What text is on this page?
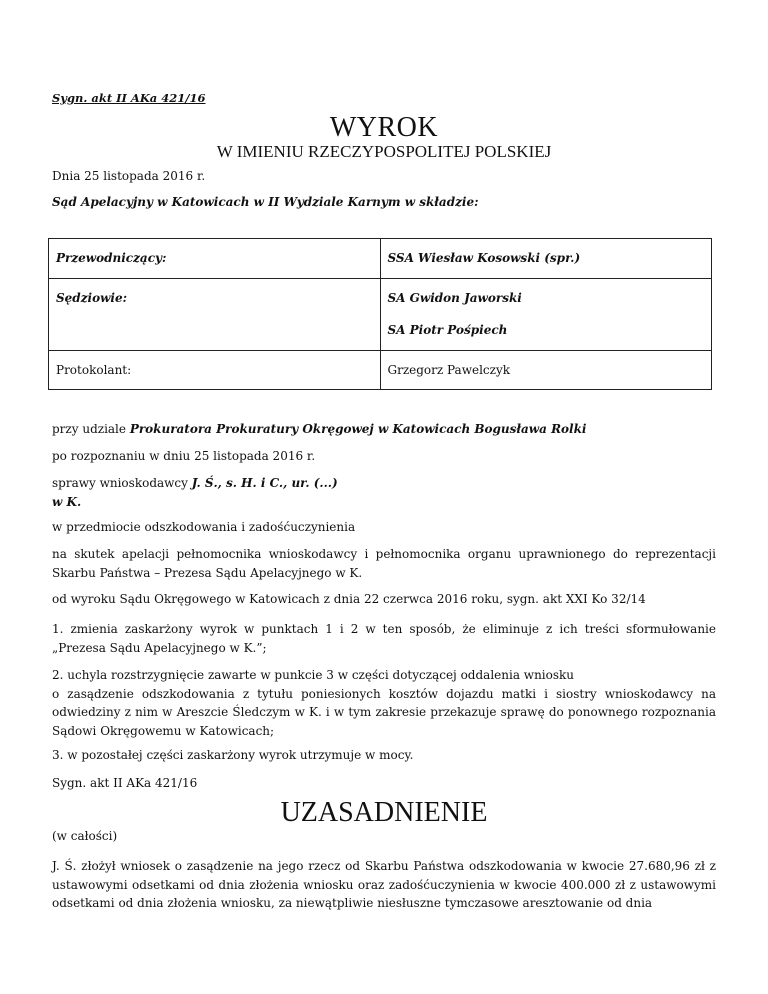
Sygn. akt II AKa 421/16
WYROK
W IMIENIU RZECZYPOSPOLITEJ POLSKIEJ
Dnia 25 listopada 2016 r.
Sąd Apelacyjny w Katowicach w II Wydziale Karnym w składzie:
Przewodniczący:	SSA Wiesław Kosowski (spr.)
Sędziowie:	SA Gwidon Jaworski
SA Piotr Pośpiech

Protokolant:	Grzegorz Pawelczyk
przy udziale Prokuratora Prokuratury Okręgowej w Katowicach Bogusława Rolki
po rozpoznaniu w dniu 25 listopada 2016 r.
sprawy wnioskodawcy J. Ś., s. H. i C., ur. (...)
w K.
w przedmiocie odszkodowania i zadośćuczynienia
na skutek apelacji pełnomocnika wnioskodawcy i pełnomocnika organu uprawnionego do reprezentacji Skarbu Państwa – Prezesa Sądu Apelacyjnego w K.
od wyroku Sądu Okręgowego w Katowicach z dnia 22 czerwca 2016 roku, sygn. akt XXI Ko 32/14
1. zmienia zaskarżony wyrok w punktach 1 i 2 w ten sposób, że eliminuje z ich treści sformułowanie „Prezesa Sądu Apelacyjnego w K.”;
2. uchyla rozstrzygnięcie zawarte w punkcie 3 w części dotyczącej oddalenia wniosku
o zasądzenie odszkodowania z tytułu poniesionych kosztów dojazdu matki i siostry wnioskodawcy na odwiedziny z nim w Areszcie Śledczym w K. i w tym zakresie przekazuje sprawę do ponownego rozpoznania Sądowi Okręgowemu w Katowicach;
3. w pozostałej części zaskarżony wyrok utrzymuje w mocy.
Sygn. akt II AKa 421/16
UZASADNIENIE
(w całości)
J. Ś. złożył wniosek o zasądzenie na jego rzecz od Skarbu Państwa odszkodowania w kwocie 27.680,96 zł z ustawowymi odsetkami od dnia złożenia wniosku oraz zadośćuczynienia w kwocie 400.000 zł z ustawowymi odsetkami od dnia złożenia wniosku, za niewątpliwie niesłuszne tymczasowe aresztowanie od dnia
